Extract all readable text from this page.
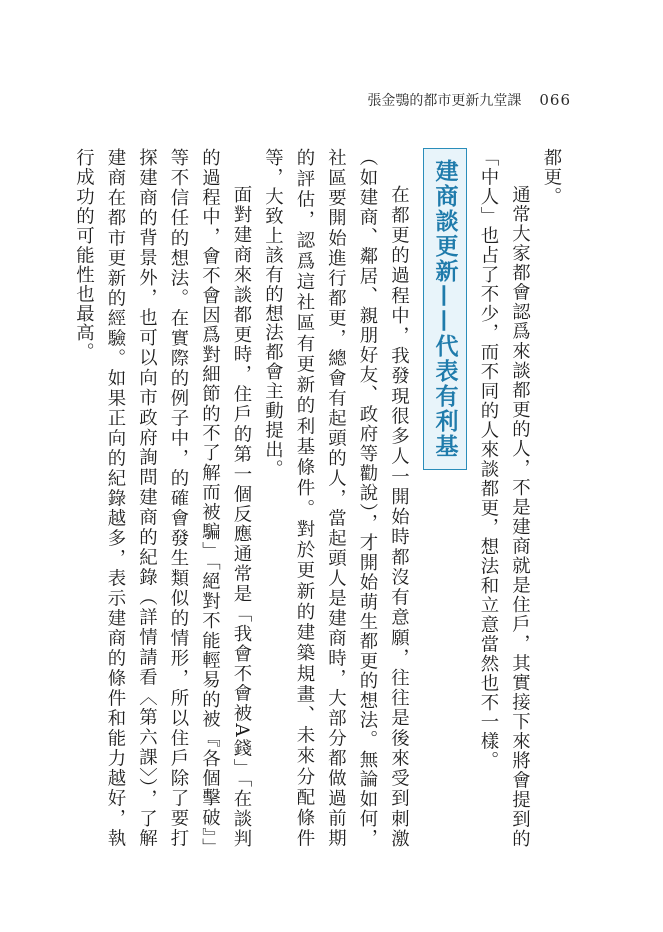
張金鶚的都市更新九堂課 066

都更。

通常大家都會認爲來談都更的人，不是建商就是住戶，其實接下來將會提到的「中人」也占了不少，而不同的人來談都更，想法和立意當然也不一樣。

建商談更新——代表有利基

在都更的過程中，我發現很多人一開始時都沒有意願，往往是後來受到刺激（如建商、鄰居、親朋好友、政府等勸說），才開始萌生都更的想法。無論如何，社區要開始進行都更，總會有起頭的人，當起頭人是建商時，大部分都做過前期的評估，認爲這社區有更新的利基條件。對於更新的建築規畫、未來分配條件等，大致上該有的想法都會主動提出。

面對建商來談都更時，住戶的第一個反應通常是「我會不會被A錢」「在談判的過程中，會不會因爲對細節的不了解而被騙」「絕對不能輕易的被『各個擊破』」等不信任的想法。在實際的例子中，的確會發生類似的情形，所以住戶除了要打探建商的背景外，也可以向市政府詢問建商的紀錄（詳情請看〈第六課〉），了解建商在都市更新的經驗。如果正向的紀錄越多，表示建商的條件和能力越好，執行成功的可能性也最高。
